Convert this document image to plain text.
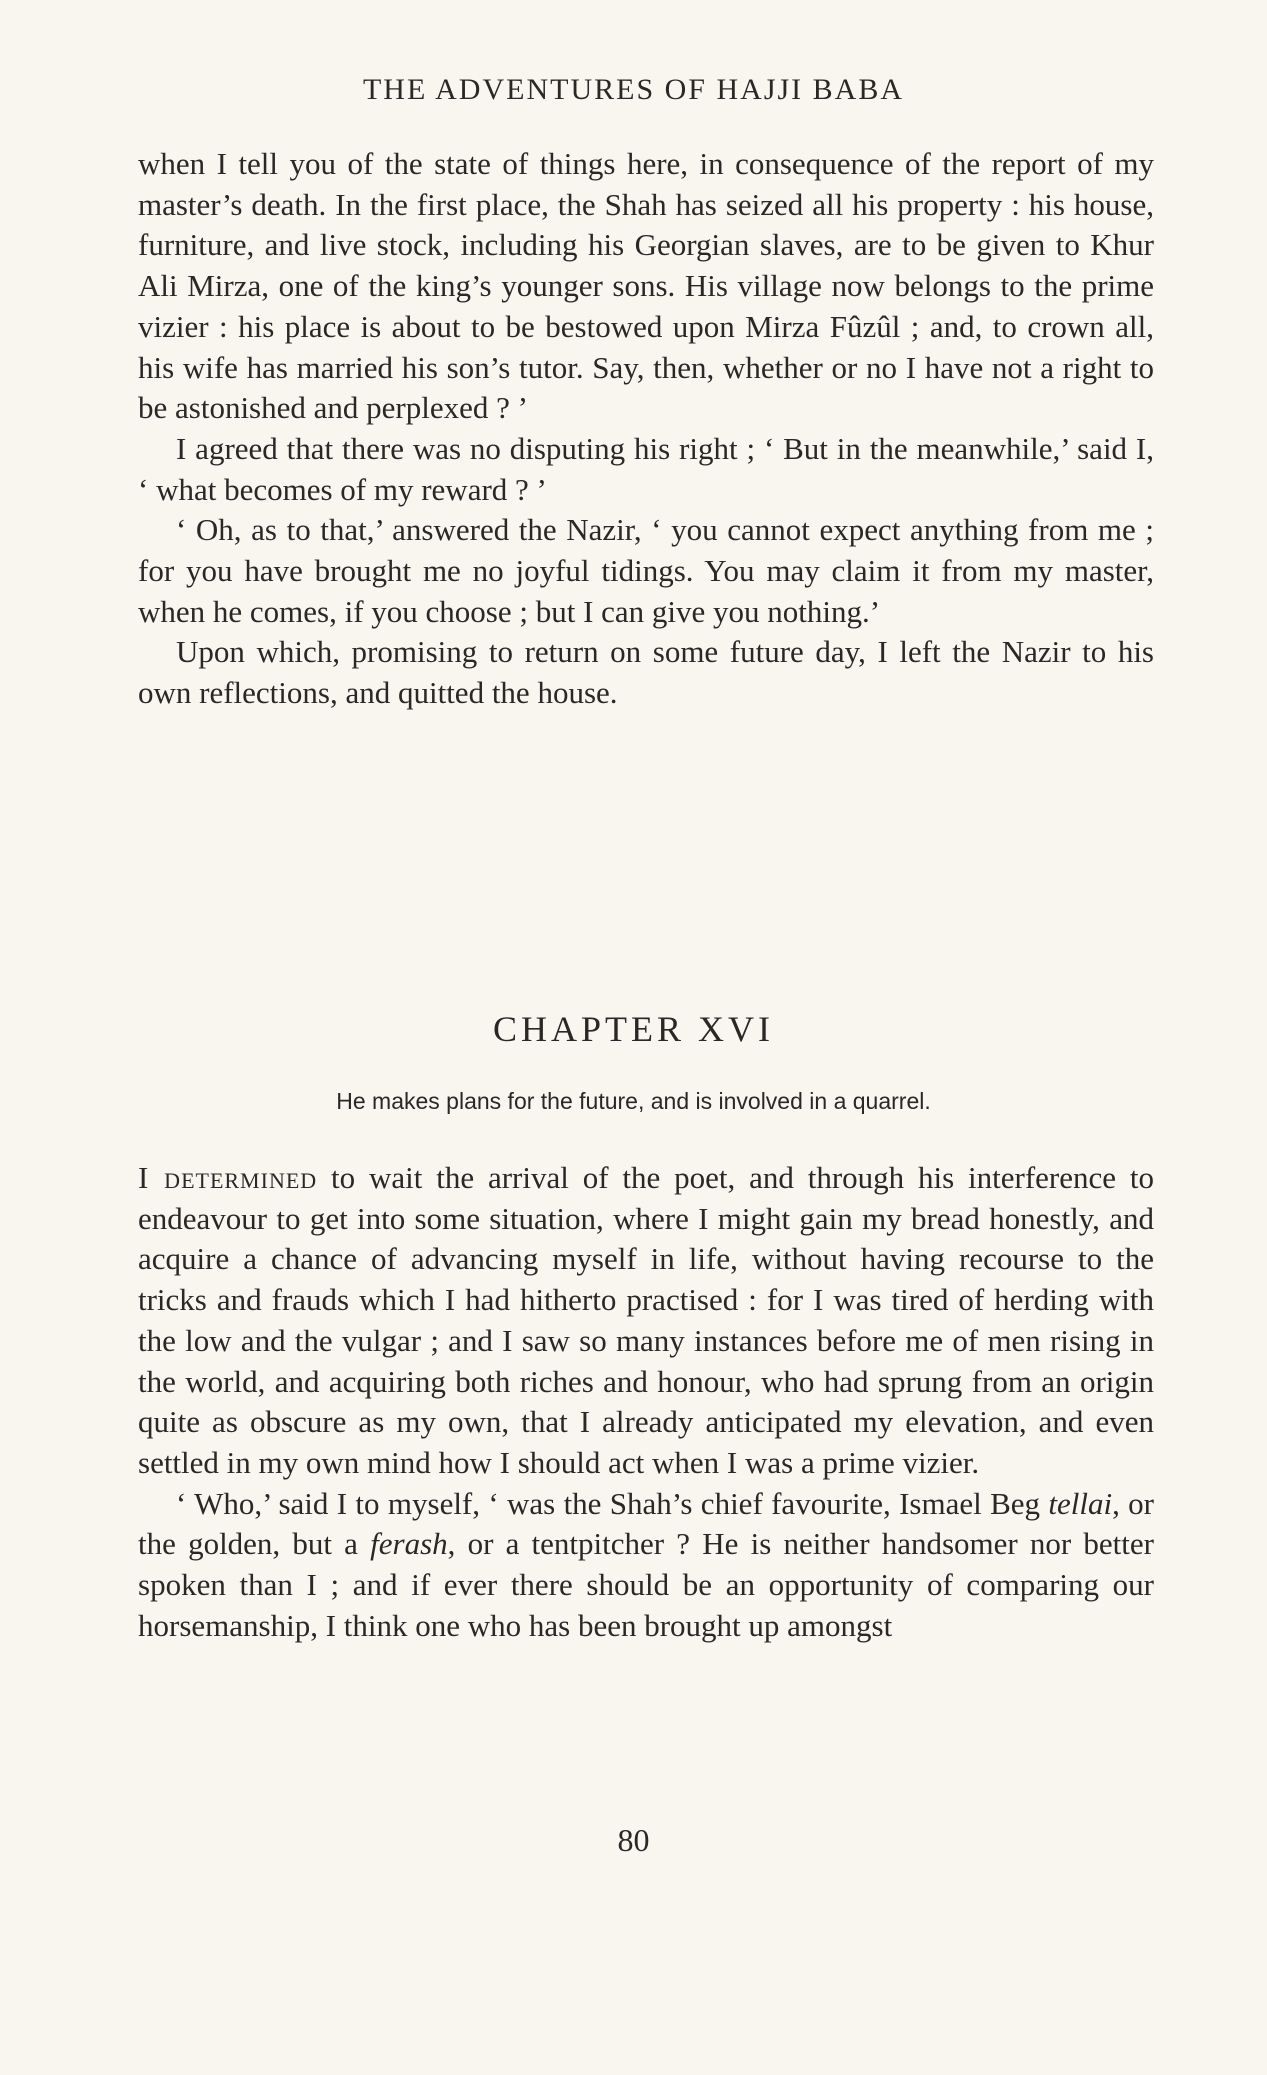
THE ADVENTURES OF HAJJI BABA

when I tell you of the state of things here, in consequence of the report of my master’s death. In the first place, the Shah has seized all his property : his house, furniture, and live stock, including his Georgian slaves, are to be given to Khur Ali Mirza, one of the king’s younger sons. His village now belongs to the prime vizier : his place is about to be bestowed upon Mirza Fûzûl ; and, to crown all, his wife has married his son’s tutor. Say, then, whether or no I have not a right to be astonished and perplexed ? ’

I agreed that there was no disputing his right ; ‘ But in the meanwhile,’ said I, ‘ what becomes of my reward ? ’

‘ Oh, as to that,’ answered the Nazir, ‘ you cannot expect anything from me ; for you have brought me no joyful tidings. You may claim it from my master, when he comes, if you choose ; but I can give you nothing.’

Upon which, promising to return on some future day, I left the Nazir to his own reflections, and quitted the house.

CHAPTER XVI
He makes plans for the future, and is involved in a quarrel.

I determined to wait the arrival of the poet, and through his interference to endeavour to get into some situation, where I might gain my bread honestly, and acquire a chance of advancing myself in life, without having recourse to the tricks and frauds which I had hitherto practised : for I was tired of herding with the low and the vulgar ; and I saw so many instances before me of men rising in the world, and acquiring both riches and honour, who had sprung from an origin quite as obscure as my own, that I already anticipated my elevation, and even settled in my own mind how I should act when I was a prime vizier.

‘ Who,’ said I to myself, ‘ was the Shah’s chief favourite, Ismael Beg tellai, or the golden, but a ferash, or a tentpitcher ? He is neither handsomer nor better spoken than I ; and if ever there should be an opportunity of comparing our horsemanship, I think one who has been brought up amongst

80
